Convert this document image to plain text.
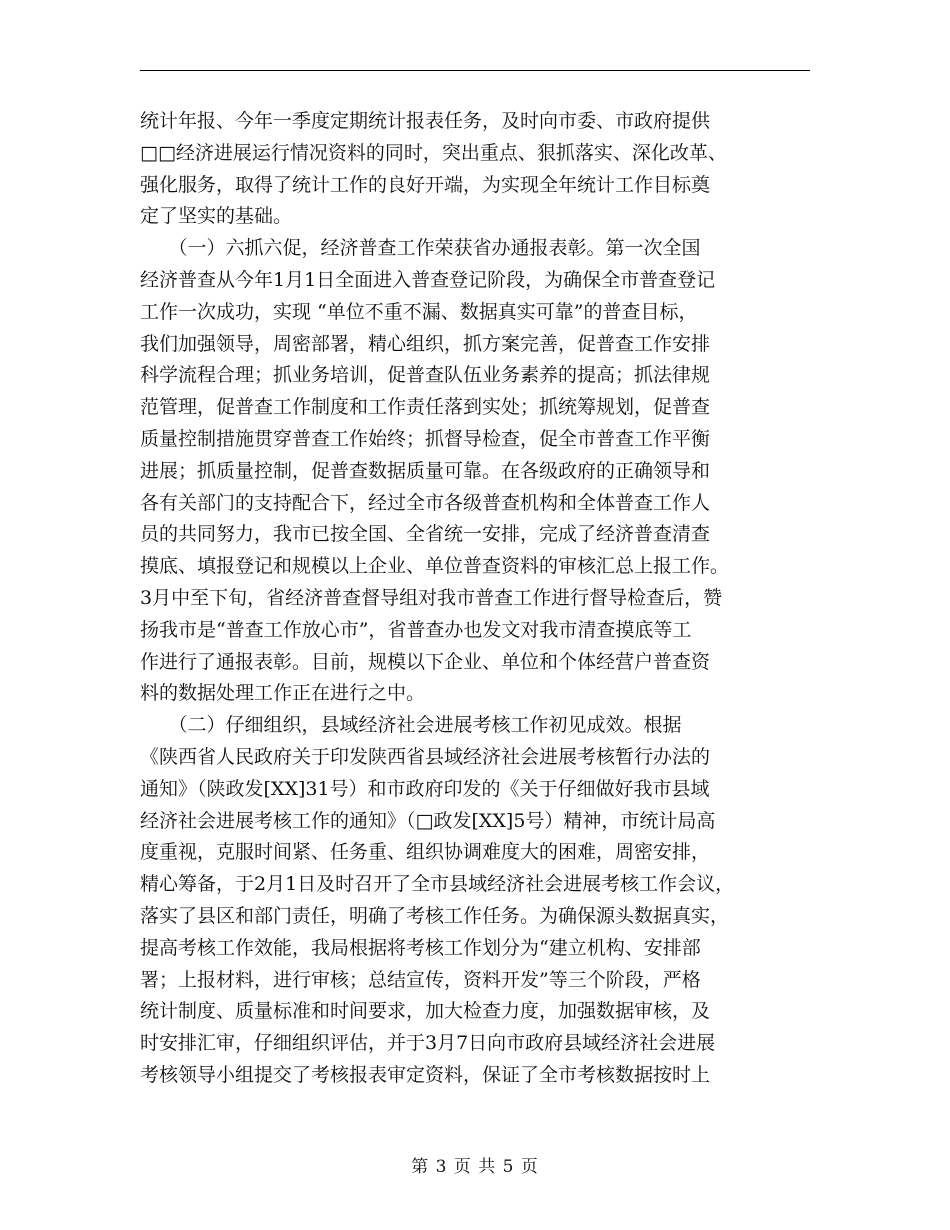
统计年报、今年一季度定期统计报表任务，及时向市委、市政府提供
□□经济进展运行情况资料的同时，突出重点、狠抓落实、深化改革、
强化服务，取得了统计工作的良好开端，为实现全年统计工作目标奠
定了坚实的基础。
　　（一）六抓六促，经济普查工作荣获省办通报表彰。第一次全国
经济普查从今年1月1日全面进入普查登记阶段，为确保全市普查登记
工作一次成功，实现 “单位不重不漏、数据真实可靠”的普查目标，
我们加强领导，周密部署，精心组织，抓方案完善，促普查工作安排
科学流程合理；抓业务培训，促普查队伍业务素养的提高；抓法律规
范管理，促普查工作制度和工作责任落到实处；抓统筹规划，促普查
质量控制措施贯穿普查工作始终；抓督导检查，促全市普查工作平衡
进展；抓质量控制，促普查数据质量可靠。在各级政府的正确领导和
各有关部门的支持配合下，经过全市各级普查机构和全体普查工作人
员的共同努力，我市已按全国、全省统一安排，完成了经济普查清查
摸底、填报登记和规模以上企业、单位普查资料的审核汇总上报工作。
3月中至下旬，省经济普查督导组对我市普查工作进行督导检查后，赞
扬我市是“普查工作放心市”，省普查办也发文对我市清查摸底等工
作进行了通报表彰。目前，规模以下企业、单位和个体经营户普查资
料的数据处理工作正在进行之中。
　　（二）仔细组织，县域经济社会进展考核工作初见成效。根据
《陕西省人民政府关于印发陕西省县域经济社会进展考核暂行办法的
通知》（陕政发[XX]31号）和市政府印发的《关于仔细做好我市县域
经济社会进展考核工作的通知》（□政发[XX]5号）精神，市统计局高
度重视，克服时间紧、任务重、组织协调难度大的困难，周密安排，
精心筹备，于2月1日及时召开了全市县域经济社会进展考核工作会议，
落实了县区和部门责任，明确了考核工作任务。为确保源头数据真实，
提高考核工作效能，我局根据将考核工作划分为“建立机构、安排部
署；上报材料，进行审核；总结宣传，资料开发”等三个阶段，严格
统计制度、质量标准和时间要求，加大检查力度，加强数据审核，及
时安排汇审，仔细组织评估，并于3月7日向市政府县域经济社会进展
考核领导小组提交了考核报表审定资料，保证了全市考核数据按时上
第 3 页 共 5 页
